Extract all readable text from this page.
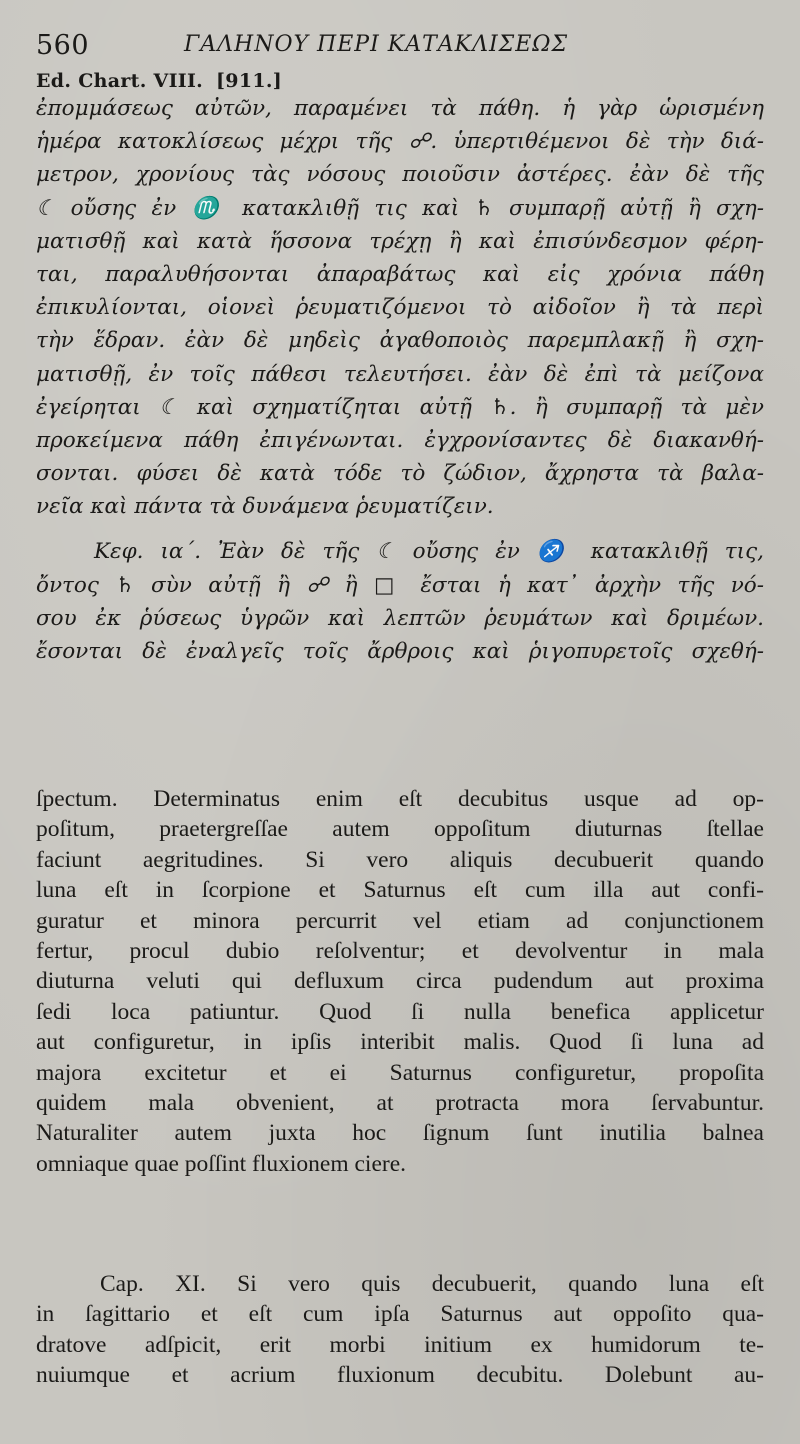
560	ΓΑΛΗΝΟΥ ΠΕΡΙ ΚΑΤΑΚΛΙΣΕΩΣ
Ed. Chart. VIII. [911.]
ἐπομμάσεως αὐτῶν, παραμένει τὰ πάθη. ἡ γὰρ ὡρισμένη
ἡμέρα κατοκλίσεως μέχρι τῆς ☍. ὑπερτιθέμενοι δὲ τὴν διά-
μετρον, χρονίους τὰς νόσους ποιοῦσιν ἀστέρες. ἐὰν δὲ τῆς
☾ οὔσης ἐν ♏ κατακλιθῇ τις καὶ ♄ συμπαρῇ αὐτῇ ἢ σχη-
ματισθῇ καὶ κατὰ ἥσσονα τρέχῃ ἢ καὶ ἐπισύνδεσμον φέρη-
ται, παραλυθήσονται ἀπαραβάτως καὶ εἰς χρόνια πάθη
ἐπικυλίονται, οἱονεὶ ῥευματιζόμενοι τὸ αἰδοῖον ἢ τὰ περὶ
τὴν ἕδραν. ἐὰν δὲ μηδεὶς ἀγαθοποιὸς παρεμπλακῇ ἢ σχη-
ματισθῇ, ἐν τοῖς πάθεσι τελευτήσει. ἐὰν δὲ ἐπὶ τὰ μείζονα
ἐγείρηται ☾ καὶ σχηματίζηται αὐτῇ ♄. ἢ συμπαρῇ τὰ μὲν
προκείμενα πάθη ἐπιγένωνται. ἐγχρονίσαντες δὲ διακανθή-
σονται. φύσει δὲ κατὰ τόδε τὸ ζώδιον, ἄχρηστα τὰ βαλα-
νεῖα καὶ πάντα τὰ δυνάμενα ῥευματίζειν.
Κεφ. ια΄. Ἐὰν δὲ τῆς ☾ οὔσης ἐν ♐ κατακλιθῇ τις,
ὄντος ♄ σὺν αὐτῇ ἢ ☍ ἢ □ ἔσται ἡ κατ᾽ ἀρχὴν τῆς νό-
σου ἐκ ῥύσεως ὑγρῶν καὶ λεπτῶν ῥευμάτων καὶ δριμέων.
ἔσονται δὲ ἐναλγεῖς τοῖς ἄρθροις καὶ ῥιγοπυρετοῖς σχεθή-
ſpectum. Determinatus enim eſt decubitus usque ad op-
poſitum, praetergreſſae autem oppoſitum diuturnas ſtellae
faciunt aegritudines. Si vero aliquis decubuerit quando
luna eſt in ſcorpione et Saturnus eſt cum illa aut confi-
guratur et minora percurrit vel etiam ad conjunctionem
fertur, procul dubio reſolventur; et devolventur in mala
diuturna veluti qui defluxum circa pudendum aut proxima
ſedi loca patiuntur. Quod ſi nulla benefica applicetur
aut configuretur, in ipſis interibit malis. Quod ſi luna ad
majora excitetur et ei Saturnus configuretur, propoſita
quidem mala obvenient, at protracta mora ſervabuntur.
Naturaliter autem juxta hoc ſignum ſunt inutilia balnea
omniaque quae poſſint fluxionem ciere.
Cap. XI. Si vero quis decubuerit, quando luna eſt
in ſagittario et eſt cum ipſa Saturnus aut oppoſito qua-
dratove adſpicit, erit morbi initium ex humidorum te-
nuiumque et acrium fluxionum decubitu. Dolebunt au-
